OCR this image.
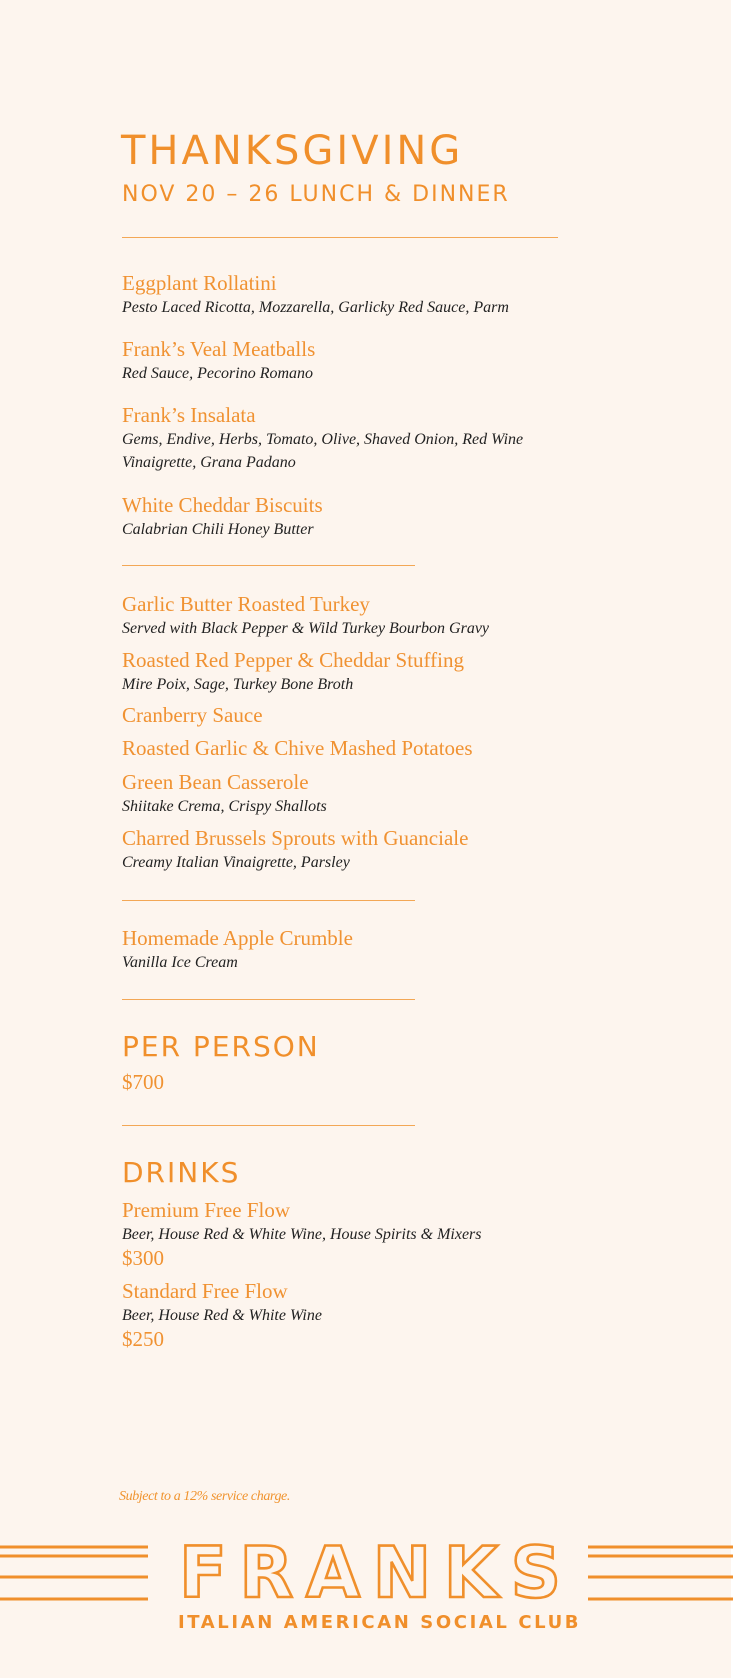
THANKSGIVING
NOV 20 – 26 LUNCH & DINNER
Eggplant Rollatini
Pesto Laced Ricotta, Mozzarella, Garlicky Red Sauce, Parm
Frank’s Veal Meatballs
Red Sauce, Pecorino Romano
Frank’s Insalata
Gems, Endive, Herbs, Tomato, Olive, Shaved Onion, Red Wine Vinaigrette, Grana Padano
White Cheddar Biscuits
Calabrian Chili Honey Butter
Garlic Butter Roasted Turkey
Served with Black Pepper & Wild Turkey Bourbon Gravy
Roasted Red Pepper & Cheddar Stuffing
Mire Poix, Sage, Turkey Bone Broth
Cranberry Sauce
Roasted Garlic & Chive Mashed Potatoes
Green Bean Casserole
Shiitake Crema, Crispy Shallots
Charred Brussels Sprouts with Guanciale
Creamy Italian Vinaigrette, Parsley
Homemade Apple Crumble
Vanilla Ice Cream
PER PERSON
$700
DRINKS
Premium Free Flow
Beer, House Red & White Wine, House Spirits & Mixers
$300
Standard Free Flow
Beer, House Red & White Wine
$250
Subject to a 12% service charge.
FRANKS
ITALIAN AMERICAN SOCIAL CLUB
